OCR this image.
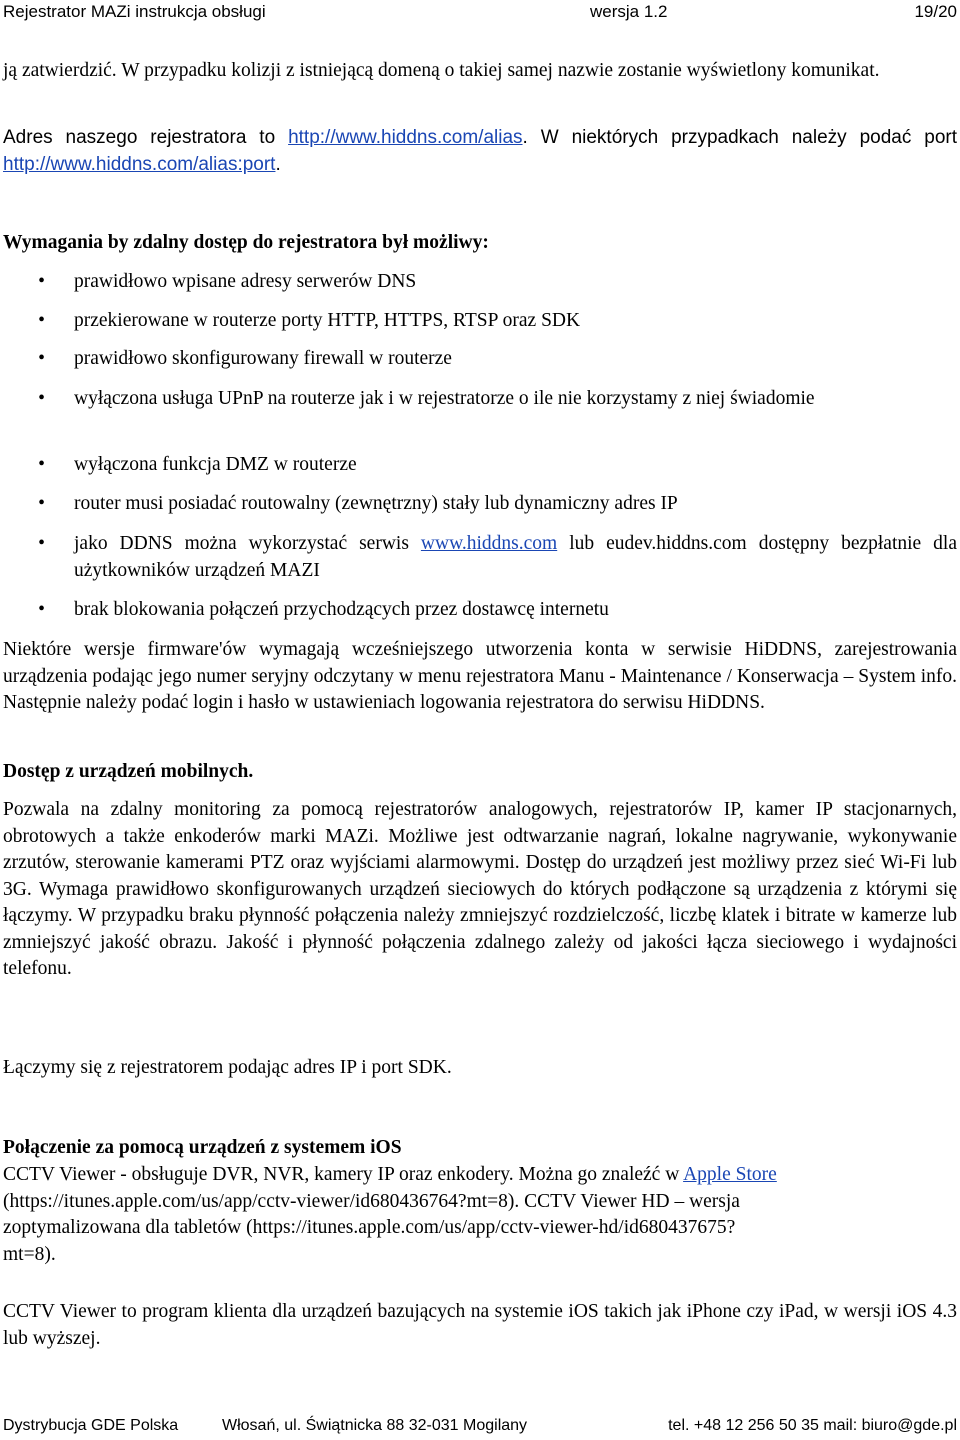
Rejestrator MAZi instrukcja obsługi	wersja 1.2	19/20

ją zatwierdzić. W przypadku kolizji z istniejącą domeną o takiej samej nazwie zostanie wyświetlony komunikat.

Adres naszego rejestratora to http://www.hiddns.com/alias. W niektórych przypadkach należy podać port http://www.hiddns.com/alias:port.

Wymagania by zdalny dostęp do rejestratora był możliwy:

• prawidłowo wpisane adresy serwerów DNS

• przekierowane w routerze porty HTTP, HTTPS, RTSP oraz SDK

• prawidłowo skonfigurowany firewall w routerze

• wyłączona usługa UPnP na routerze jak i w rejestratorze o ile nie korzystamy z niej świadomie

• wyłączona funkcja DMZ w routerze

• router musi posiadać routowalny (zewnętrzny) stały lub dynamiczny adres IP

• jako DDNS można wykorzystać serwis www.hiddns.com lub eudev.hiddns.com dostępny bezpłatnie dla użytkowników urządzeń MAZI

• brak blokowania połączeń przychodzących przez dostawcę internetu

Niektóre wersje firmware'ów wymagają wcześniejszego utworzenia konta w serwisie HiDDNS, zarejestrowania urządzenia podając jego numer seryjny odczytany w menu rejestratora Manu - Maintenance / Konserwacja – System info. Następnie należy podać login i hasło w ustawieniach logowania rejestratora do serwisu HiDDNS.

Dostęp z urządzeń mobilnych.

Pozwala na zdalny monitoring za pomocą rejestratorów analogowych, rejestratorów IP, kamer IP stacjonarnych, obrotowych a także enkoderów marki MAZi. Możliwe jest odtwarzanie nagrań, lokalne nagrywanie, wykonywanie zrzutów, sterowanie kamerami PTZ oraz wyjściami alarmowymi. Dostęp do urządzeń jest możliwy przez sieć Wi-Fi lub 3G. Wymaga prawidłowo skonfigurowanych urządzeń sieciowych do których podłączone są urządzenia z którymi się łączymy. W przypadku braku płynność połączenia należy zmniejszyć rozdzielczość, liczbę klatek i bitrate w kamerze lub zmniejszyć jakość obrazu. Jakość i płynność połączenia zdalnego zależy od jakości łącza sieciowego i wydajności telefonu.

Łączymy się z rejestratorem podając adres IP i port SDK.

Połączenie za pomocą urządzeń z systemem iOS

CCTV Viewer - obsługuje DVR, NVR, kamery IP oraz enkodery. Można go znaleźć w Apple Store
(https://itunes.apple.com/us/app/cctv-viewer/id680436764?mt=8). CCTV Viewer HD – wersja
zoptymalizowana dla tabletów (https://itunes.apple.com/us/app/cctv-viewer-hd/id680437675?
mt=8).

CCTV Viewer to program klienta dla urządzeń bazujących na systemie iOS takich jak iPhone czy iPad, w wersji iOS 4.3 lub wyższej.

Dystrybucja GDE Polska	Włosań, ul. Świątnicka 88 32-031 Mogilany	tel. +48 12 256 50 35 mail: biuro@gde.pl
